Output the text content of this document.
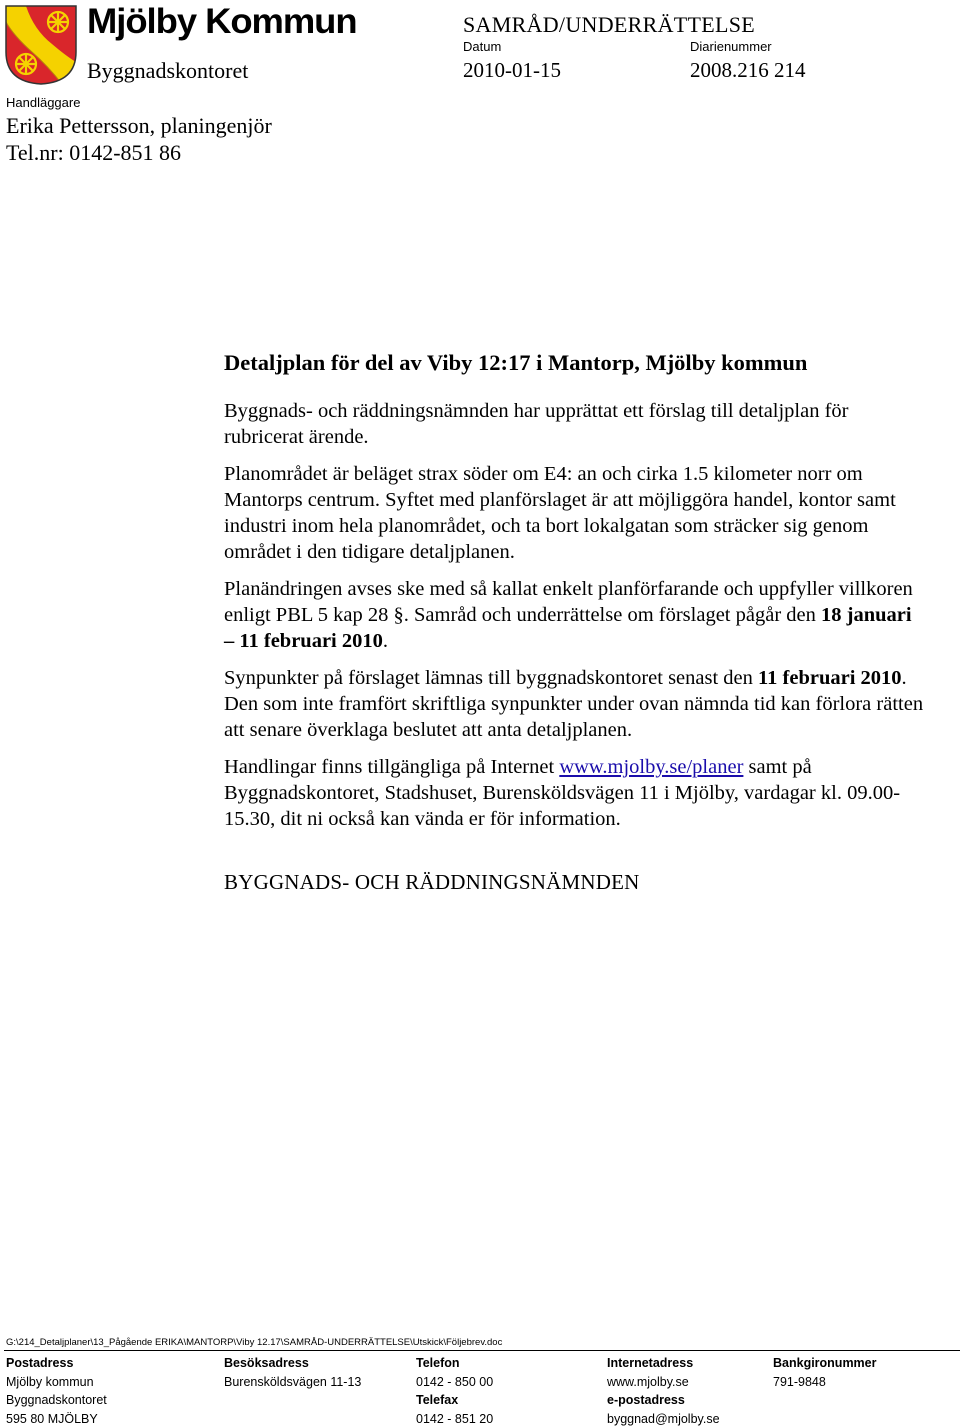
Mjölby Kommun
Byggnadskontoret
SAMRÅD/UNDERRÄTTELSE
Datum	Diarienummer
2010-01-15	2008.216 214
Handläggare
Erika Pettersson, planingenjör
Tel.nr: 0142-851 86
Detaljplan för del av Viby 12:17 i Mantorp, Mjölby kommun

Byggnads- och räddningsnämnden har upprättat ett förslag till detaljplan för rubricerat ärende.

Planområdet är beläget strax söder om E4: an och cirka 1.5 kilometer norr om Mantorps centrum. Syftet med planförslaget är att möjliggöra handel, kontor samt industri inom hela planområdet, och ta bort lokalgatan som sträcker sig genom området i den tidigare detaljplanen.

Planändringen avses ske med så kallat enkelt planförfarande och uppfyller villkoren enligt PBL 5 kap 28 §. Samråd och underrättelse om förslaget pågår den 18 januari – 11 februari 2010.

Synpunkter på förslaget lämnas till byggnadskontoret senast den 11 februari 2010. Den som inte framfört skriftliga synpunkter under ovan nämnda tid kan förlora rätten att senare överklaga beslutet att anta detaljplanen.

Handlingar finns tillgängliga på Internet www.mjolby.se/planer samt på Byggnadskontoret, Stadshuset, Burensköldsvägen 11 i Mjölby, vardagar kl. 09.00-15.30, dit ni också kan vända er för information.

BYGGNADS- OCH RÄDDNINGSNÄMNDEN
G:\214_Detaljplaner\13_Pågående ERIKA\MANTORP\Viby 12.17\SAMRÅD-UNDERRÄTTELSE\Utskick\Följebrev.doc
Postadress
Mjölby kommun
Byggnadskontoret
595 80 MJÖLBY
Besöksadress
Burensköldsvägen 11-13
Telefon
0142 - 850 00
Telefax
0142 - 851 20
Internetadress
www.mjolby.se
e-postadress
byggnad@mjolby.se
Bankgironummer
791-9848
